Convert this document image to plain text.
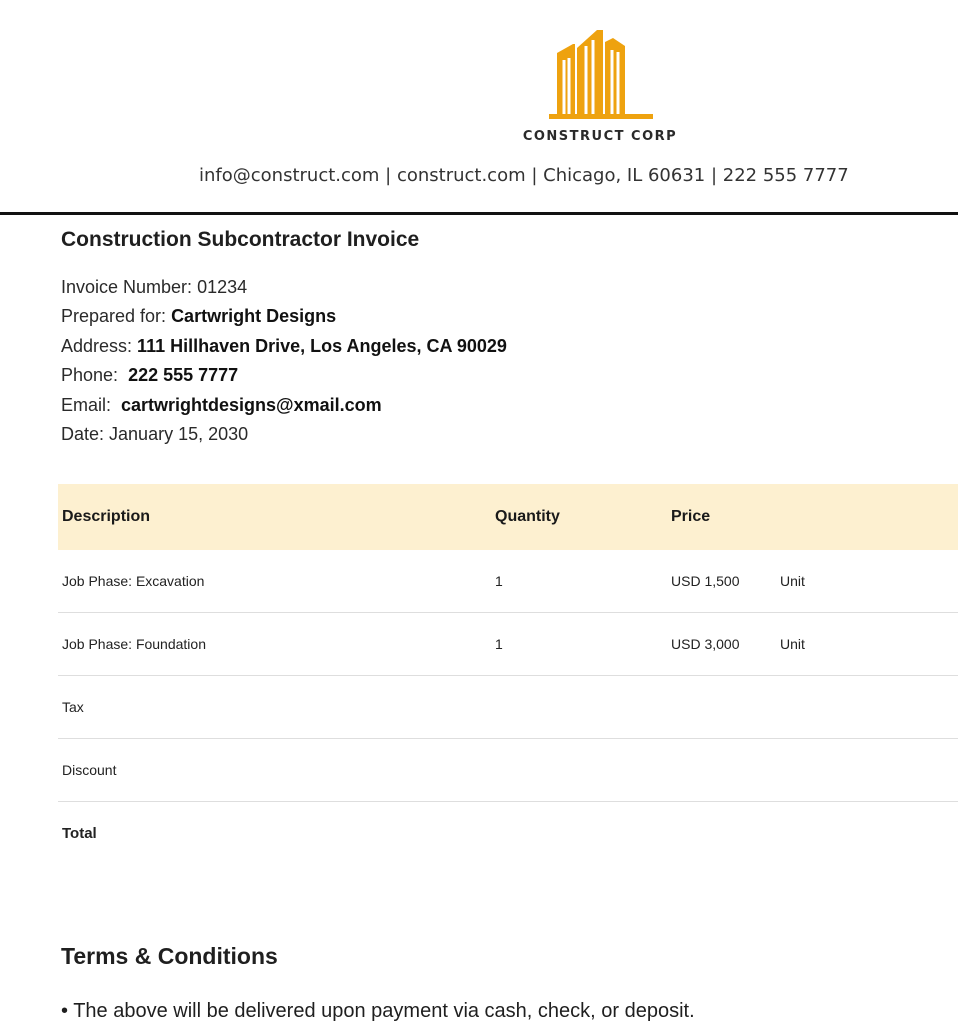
CONSTRUCT CORP
info@construct.com | construct.com | Chicago, IL 60631 | 222 555 7777
Construction Subcontractor Invoice
Invoice Number: 01234
Prepared for: Cartwright Designs
Address: 111 Hillhaven Drive, Los Angeles, CA 90029
Phone:  222 555 7777
Email:  cartwrightdesigns@xmail.com
Date: January 15, 2030
Description	Quantity	Price
Job Phase: Excavation	1	USD 1,500	Unit
Job Phase: Foundation	1	USD 3,000	Unit
Tax
Discount
Total
Terms & Conditions
• The above will be delivered upon payment via cash, check, or deposit.
